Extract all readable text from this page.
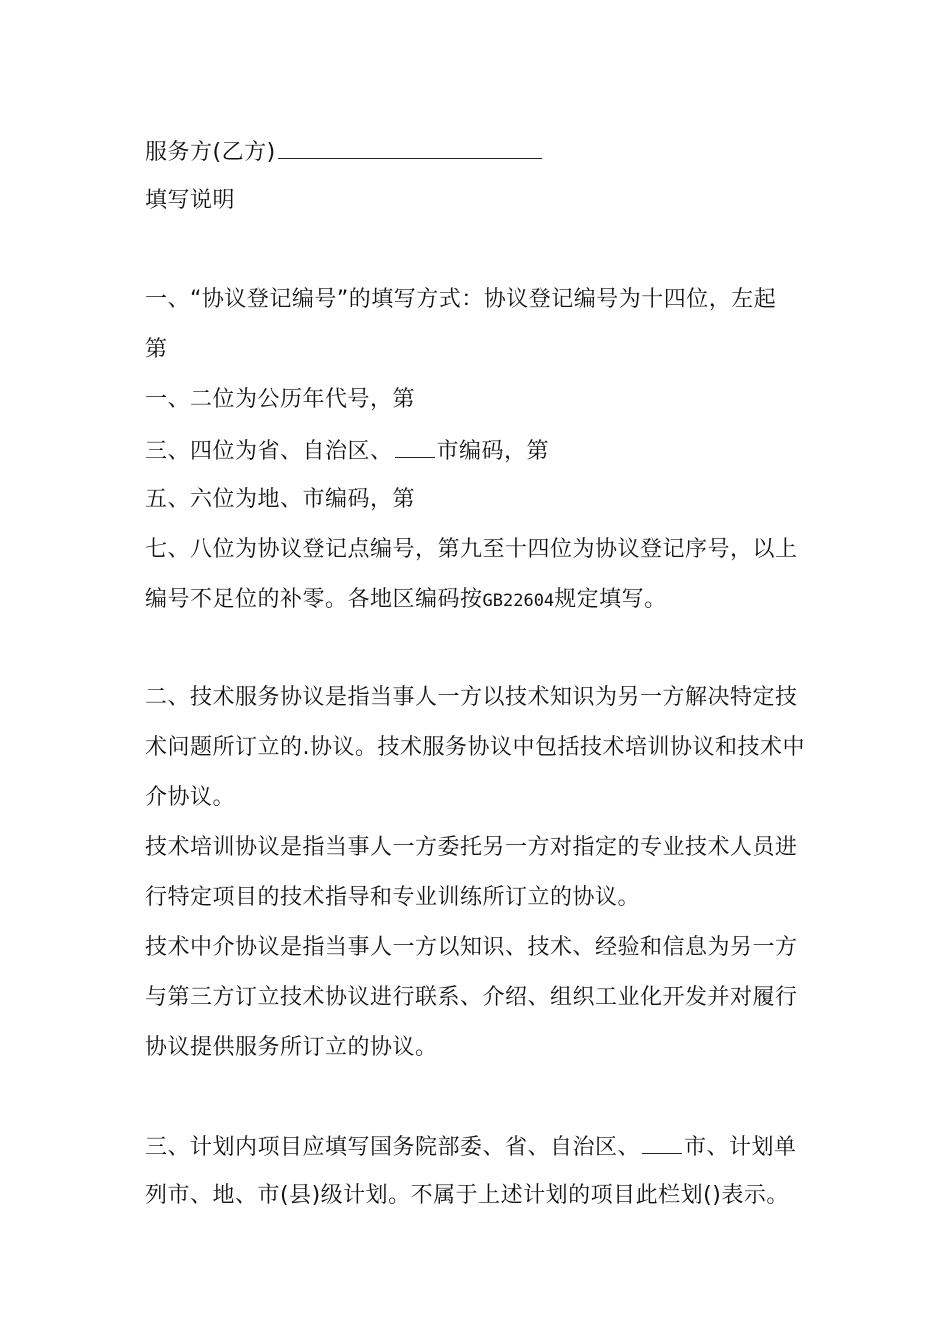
服务方(乙方)
填写说明
一、“协议登记编号”的填写方式：协议登记编号为十四位，左起
第
一、二位为公历年代号，第
三、四位为省、自治区、 市编码，第
五、六位为地、市编码，第
七、八位为协议登记点编号，第九至十四位为协议登记序号，以上
编号不足位的补零。各地区编码按GB22604规定填写。
二、技术服务协议是指当事人一方以技术知识为另一方解决特定技
术问题所订立的.协议。技术服务协议中包括技术培训协议和技术中
介协议。
技术培训协议是指当事人一方委托另一方对指定的专业技术人员进
行特定项目的技术指导和专业训练所订立的协议。
技术中介协议是指当事人一方以知识、技术、经验和信息为另一方
与第三方订立技术协议进行联系、介绍、组织工业化开发并对履行
协议提供服务所订立的协议。
三、计划内项目应填写国务院部委、省、自治区、 市、计划单
列市、地、市(县)级计划。不属于上述计划的项目此栏划()表示。
